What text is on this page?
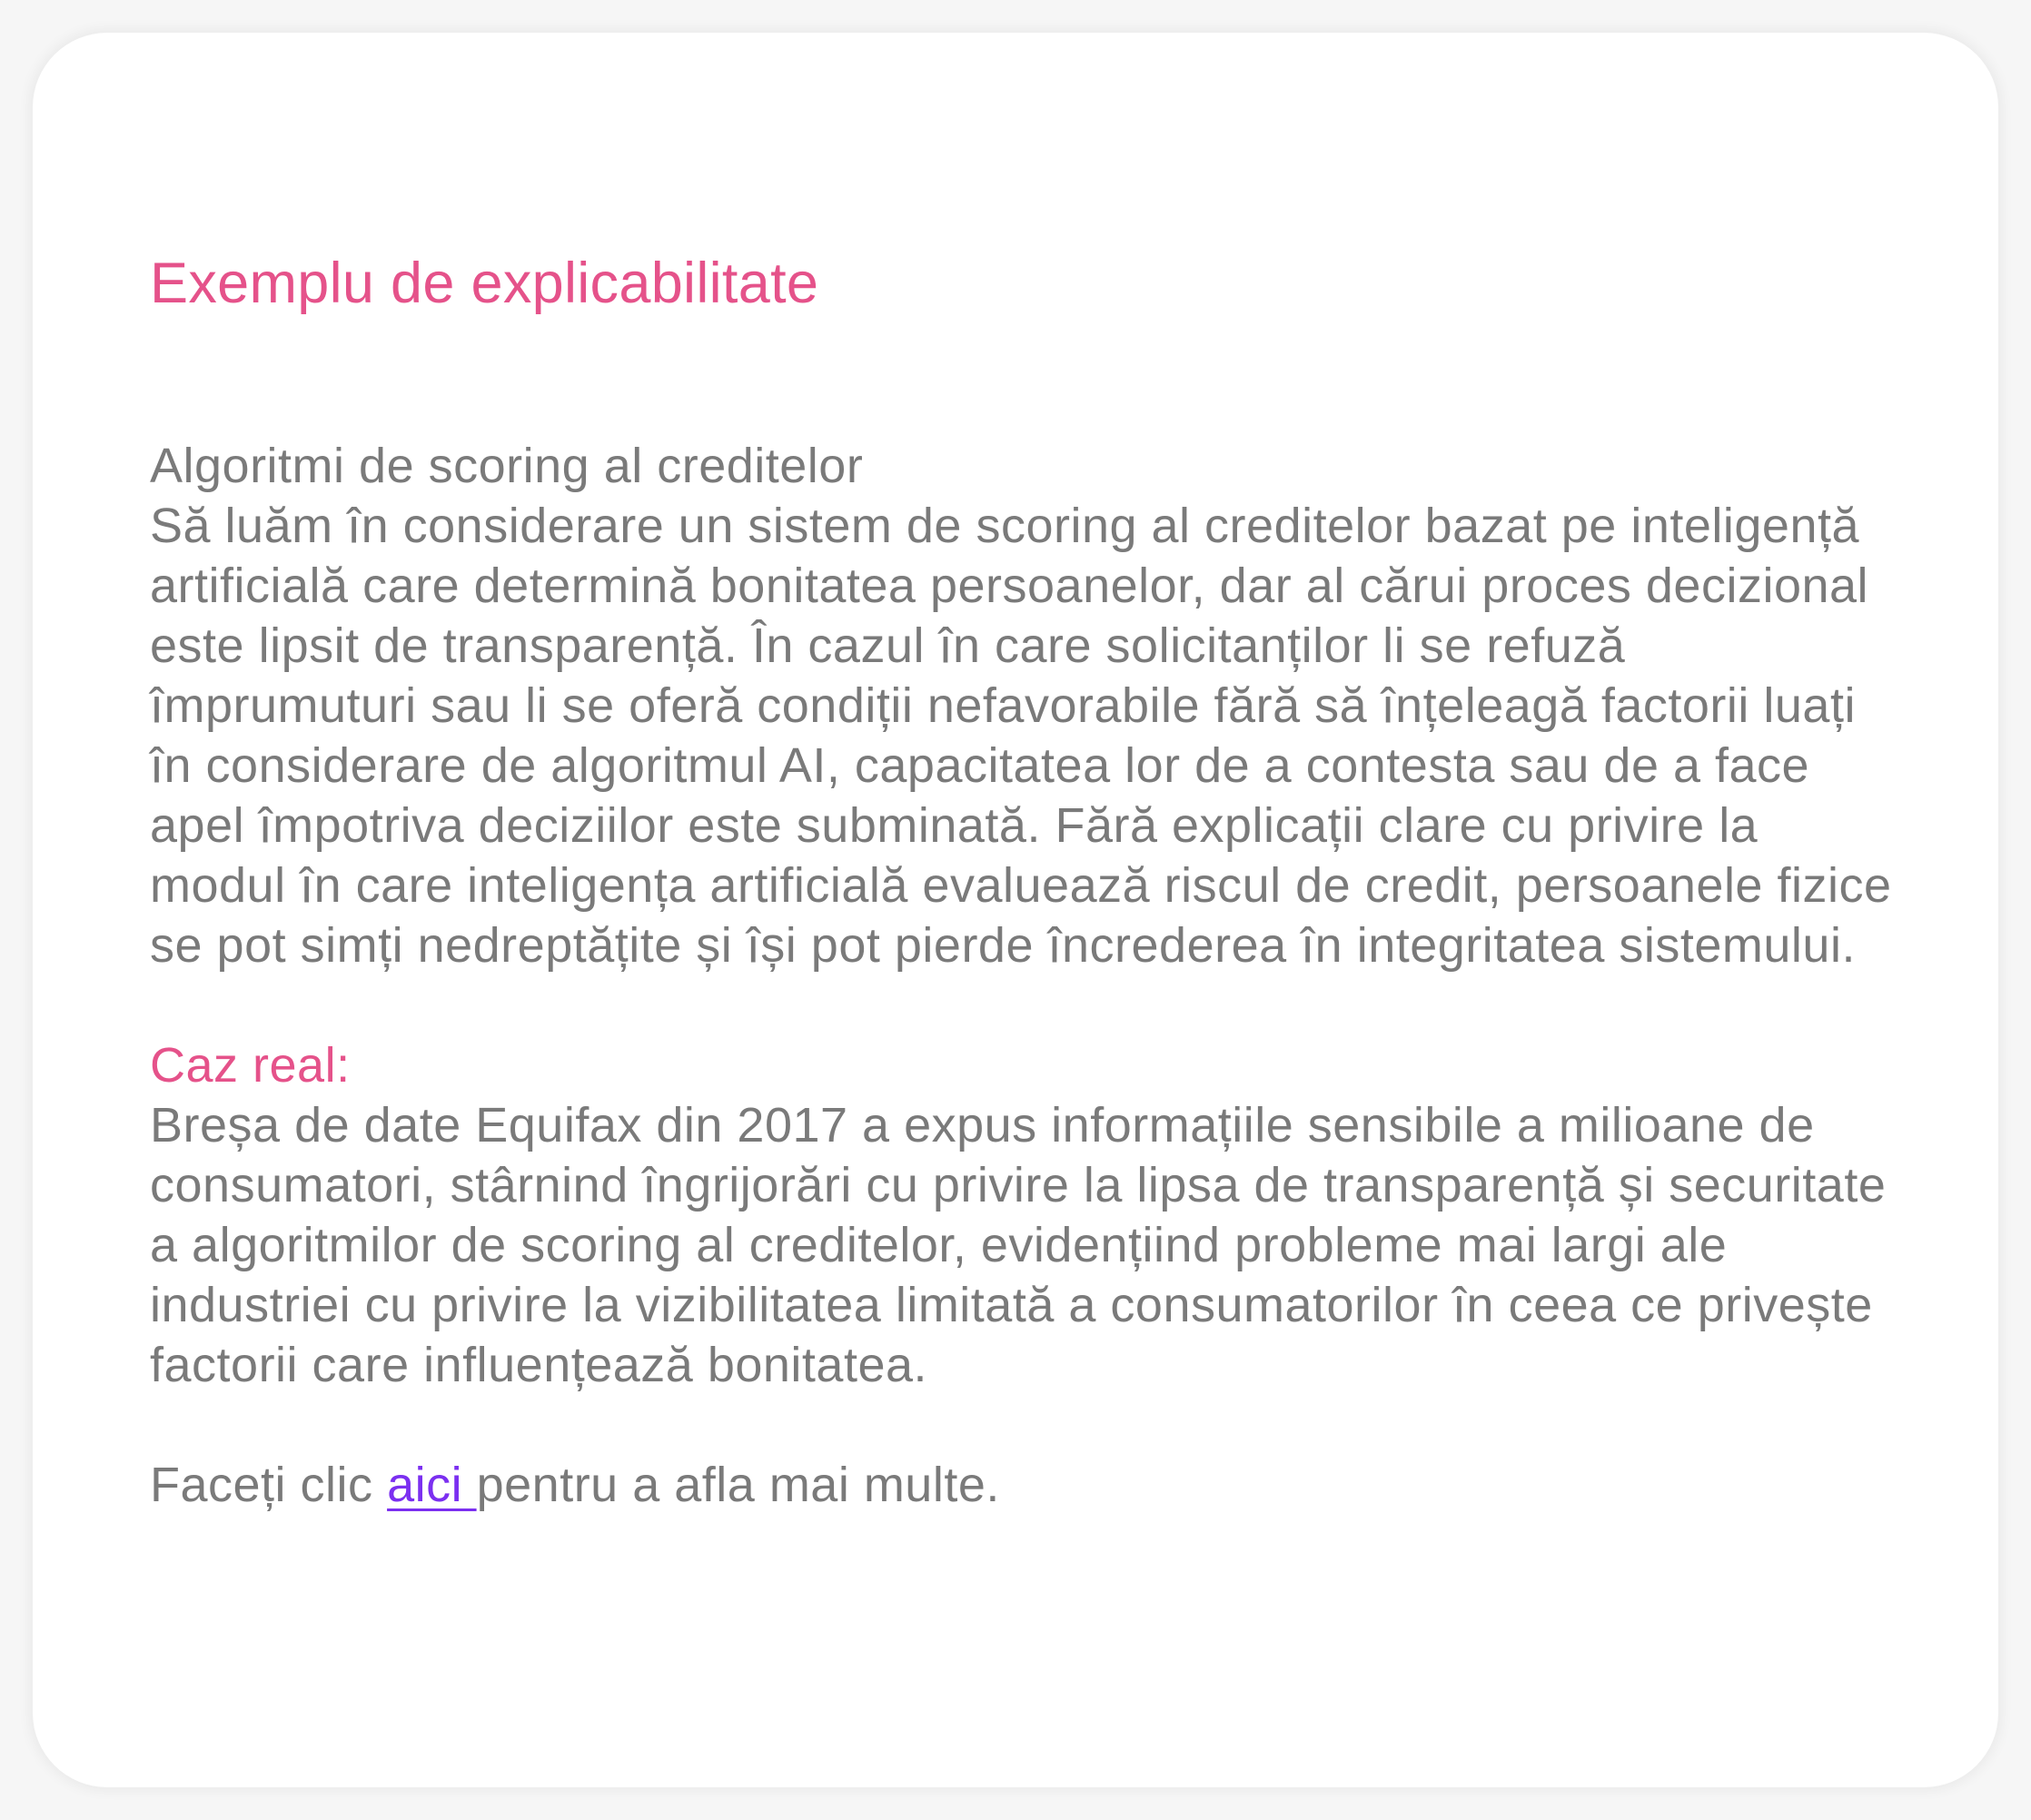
Exemplu de explicabilitate

Algoritmi de scoring al creditelor

Să luăm în considerare un sistem de scoring al creditelor bazat pe inteligență artificială care determină bonitatea persoanelor, dar al cărui proces decizional este lipsit de transparență. În cazul în care solicitanților li se refuză împrumuturi sau li se oferă condiții nefavorabile fără să înțeleagă factorii luați în considerare de algoritmul AI, capacitatea lor de a contesta sau de a face apel împotriva deciziilor este subminată. Fără explicații clare cu privire la modul în care inteligența artificială evaluează riscul de credit, persoanele fizice se pot simți nedreptățite și își pot pierde încrederea în integritatea sistemului.

Caz real:

Breșa de date Equifax din 2017 a expus informațiile sensibile a milioane de consumatori, stârnind îngrijorări cu privire la lipsa de transparență și securitate a algoritmilor de scoring al creditelor, evidențiind probleme mai largi ale industriei cu privire la vizibilitatea limitată a consumatorilor în ceea ce privește factorii care influențează bonitatea.

Faceți clic aici pentru a afla mai multe.
